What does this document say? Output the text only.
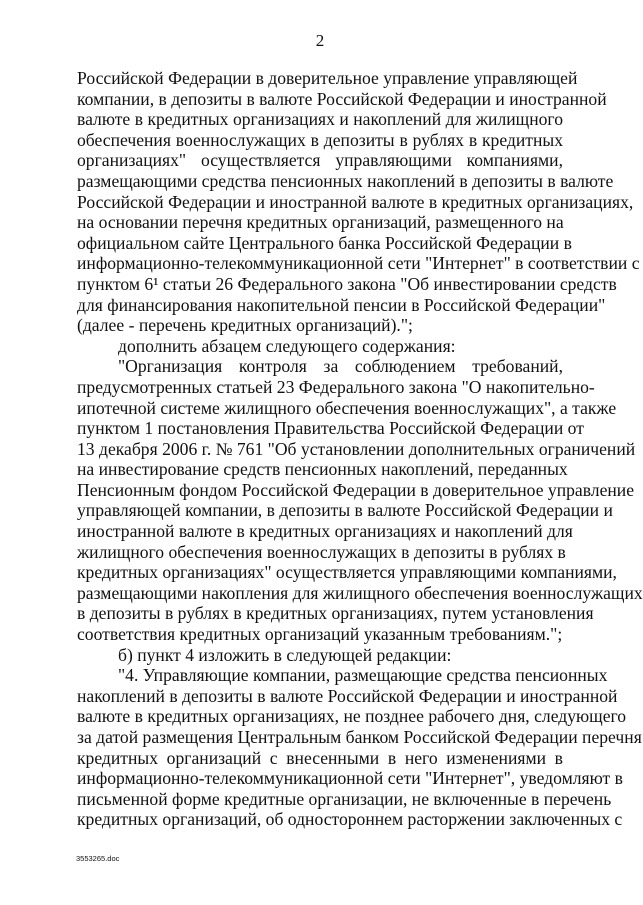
2
Российской Федерации в доверительное управление управляющей
компании, в депозиты в валюте Российской Федерации и иностранной
валюте в кредитных организациях и накоплений для жилищного
обеспечения военнослужащих в депозиты в рублях в кредитных
организациях" осуществляется управляющими компаниями,
размещающими средства пенсионных накоплений в депозиты в валюте
Российской Федерации и иностранной валюте в кредитных организациях,
на основании перечня кредитных организаций, размещенного на
официальном сайте Центрального банка Российской Федерации в
информационно-телекоммуникационной сети "Интернет" в соответствии с
пунктом 6¹ статьи 26 Федерального закона "Об инвестировании средств
для финансирования накопительной пенсии в Российской Федерации"
(далее - перечень кредитных организаций).";
дополнить абзацем следующего содержания:
"Организация контроля за соблюдением требований,
предусмотренных статьей 23 Федерального закона "О накопительно-
ипотечной системе жилищного обеспечения военнослужащих", а также
пунктом 1 постановления Правительства Российской Федерации от
13 декабря 2006 г. № 761 "Об установлении дополнительных ограничений
на инвестирование средств пенсионных накоплений, переданных
Пенсионным фондом Российской Федерации в доверительное управление
управляющей компании, в депозиты в валюте Российской Федерации и
иностранной валюте в кредитных организациях и накоплений для
жилищного обеспечения военнослужащих в депозиты в рублях в
кредитных организациях" осуществляется управляющими компаниями,
размещающими накопления для жилищного обеспечения военнослужащих
в депозиты в рублях в кредитных организациях, путем установления
соответствия кредитных организаций указанным требованиям.";
б) пункт 4 изложить в следующей редакции:
"4. Управляющие компании, размещающие средства пенсионных
накоплений в депозиты в валюте Российской Федерации и иностранной
валюте в кредитных организациях, не позднее рабочего дня, следующего
за датой размещения Центральным банком Российской Федерации перечня
кредитных организаций с внесенными в него изменениями в
информационно-телекоммуникационной сети "Интернет", уведомляют в
письменной форме кредитные организации, не включенные в перечень
кредитных организаций, об одностороннем расторжении заключенных с
3553265.doc
